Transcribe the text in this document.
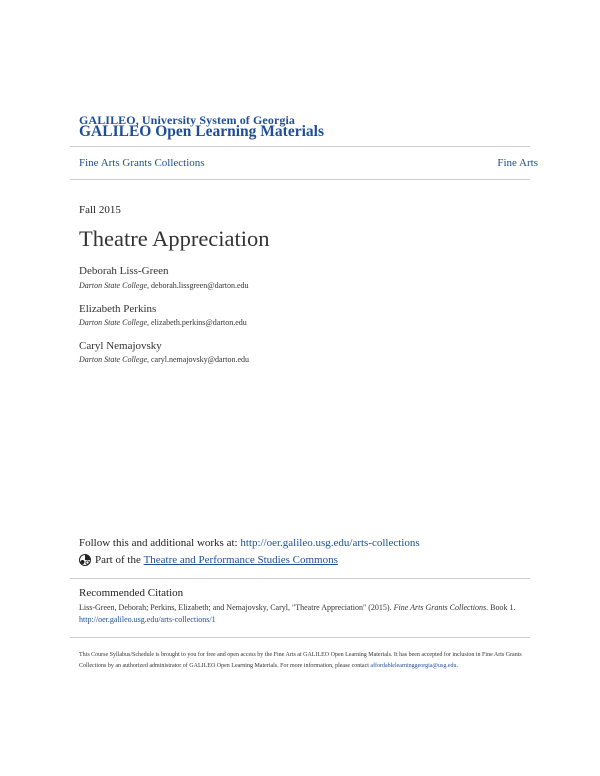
GALILEO, University System of Georgia
GALILEO Open Learning Materials
Fine Arts Grants Collections	Fine Arts
Fall 2015
Theatre Appreciation
Deborah Liss-Green
Darton State College, deborah.lissgreen@darton.edu
Elizabeth Perkins
Darton State College, elizabeth.perkins@darton.edu
Caryl Nemajovsky
Darton State College, caryl.nemajovsky@darton.edu
Follow this and additional works at: http://oer.galileo.usg.edu/arts-collections
Part of the
Theatre and Performance Studies Commons
Recommended Citation
Liss-Green, Deborah; Perkins, Elizabeth; and Nemajovsky, Caryl, "Theatre Appreciation" (2015). Fine Arts Grants Collections. Book 1.
http://oer.galileo.usg.edu/arts-collections/1
This Course Syllabus/Schedule is brought to you for free and open access by the Fine Arts at GALILEO Open Learning Materials. It has been accepted for inclusion in Fine Arts Grants Collections by an authorized administrator of GALILEO Open Learning Materials. For more information, please contact affordablelearninggeorgia@usg.edu.
